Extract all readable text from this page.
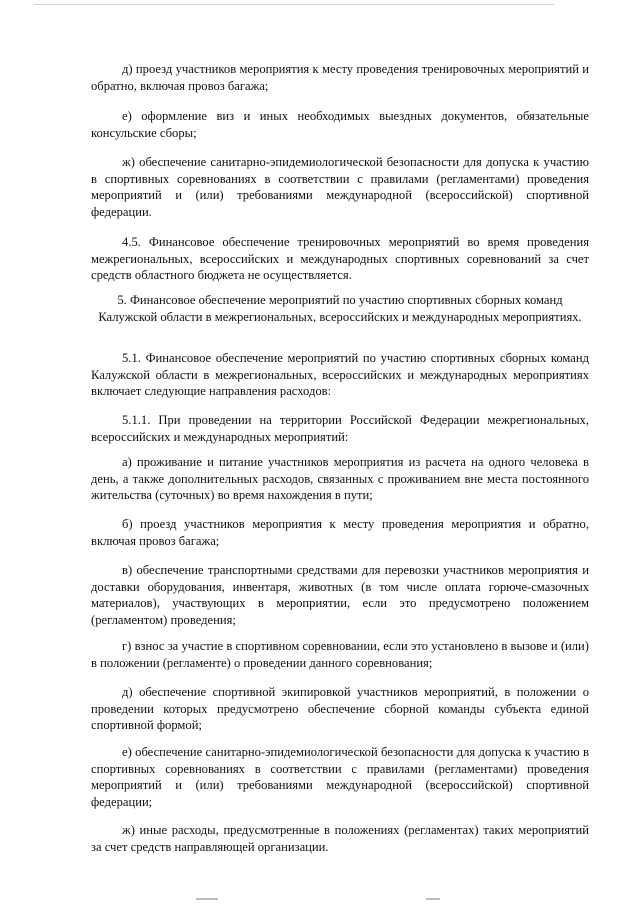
д) проезд участников мероприятия к месту проведения тренировочных мероприятий и обратно, включая провоз багажа;

е) оформление виз и иных необходимых выездных документов, обязательные консульские сборы;

ж) обеспечение санитарно-эпидемиологической безопасности для допуска к участию в спортивных соревнованиях в соответствии с правилами (регламентами) проведения мероприятий и (или) требованиями международной (всероссийской) спортивной федерации.

4.5. Финансовое обеспечение тренировочных мероприятий во время проведения межрегиональных, всероссийских и международных спортивных соревнований за счет средств областного бюджета не осуществляется.

5. Финансовое обеспечение мероприятий по участию спортивных сборных команд Калужской области в межрегиональных, всероссийских и международных мероприятиях.

5.1. Финансовое обеспечение мероприятий по участию спортивных сборных команд Калужской области в межрегиональных, всероссийских и международных мероприятиях включает следующие направления расходов:

5.1.1. При проведении на территории Российской Федерации межрегиональных, всероссийских и международных мероприятий:

а) проживание и питание участников мероприятия из расчета на одного человека в день, а также дополнительных расходов, связанных с проживанием вне места постоянного жительства (суточных) во время нахождения в пути;

б) проезд участников мероприятия к месту проведения мероприятия и обратно, включая провоз багажа;

в) обеспечение транспортными средствами для перевозки участников мероприятия и доставки оборудования, инвентаря, животных (в том числе оплата горюче-смазочных материалов), участвующих в мероприятии, если это предусмотрено положением (регламентом) проведения;

г) взнос за участие в спортивном соревновании, если это установлено в вызове и (или) в положении (регламенте) о проведении данного соревнования;

д) обеспечение спортивной экипировкой участников мероприятий, в положении о проведении которых предусмотрено обеспечение сборной команды субъекта единой спортивной формой;

е) обеспечение санитарно-эпидемиологической безопасности для допуска к участию в спортивных соревнованиях в соответствии с правилами (регламентами) проведения мероприятий и (или) требованиями международной (всероссийской) спортивной федерации;

ж) иные расходы, предусмотренные в положениях (регламентах) таких мероприятий за счет средств направляющей организации.
